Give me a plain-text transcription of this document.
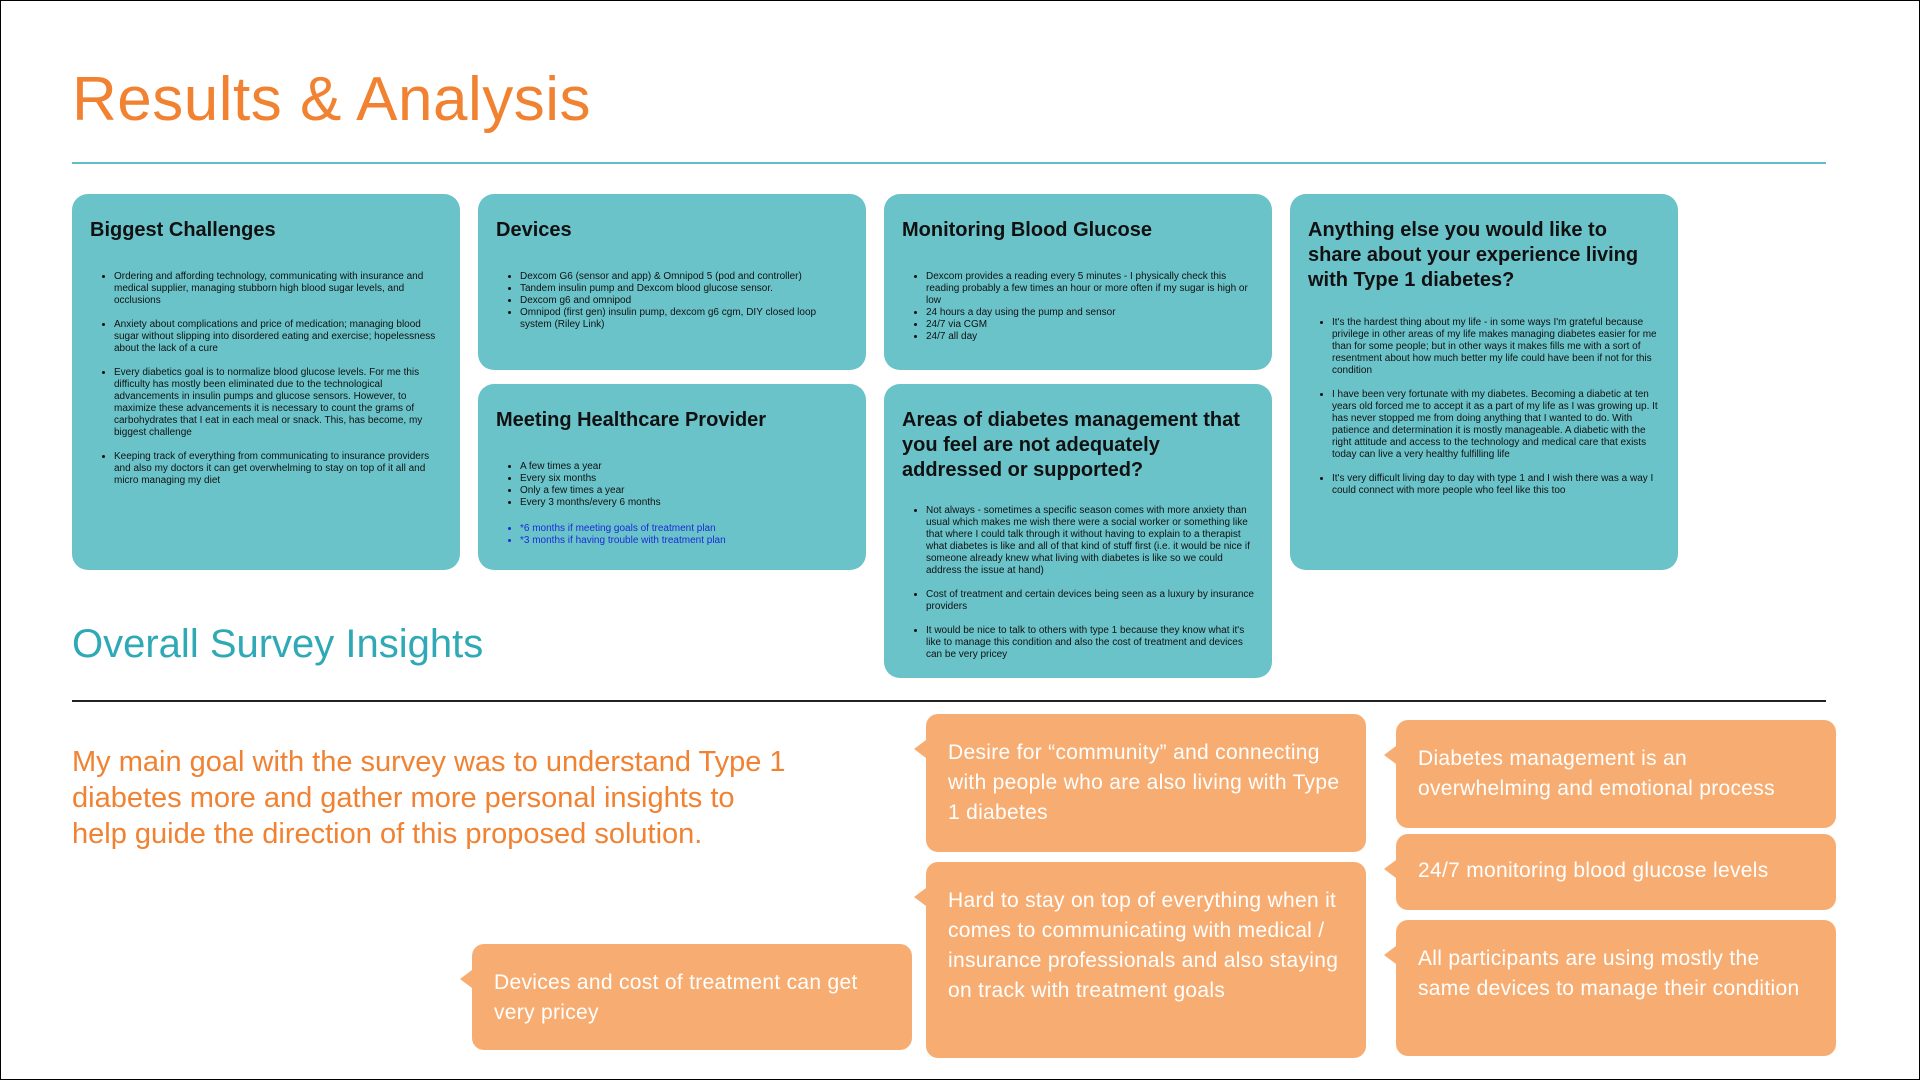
Results & Analysis
Biggest Challenges
• Ordering and affording technology, communicating with insurance and medical supplier, managing stubborn high blood sugar levels, and occlusions
• Anxiety about complications and price of medication; managing blood sugar without slipping into disordered eating and exercise; hopelessness about the lack of a cure
• Every diabetics goal is to normalize blood glucose levels. For me this difficulty has mostly been eliminated due to the technological advancements in insulin pumps and glucose sensors. However, to maximize these advancements it is necessary to count the grams of carbohydrates that I eat in each meal or snack. This, has become, my biggest challenge
• Keeping track of everything from communicating to insurance providers and also my doctors it can get overwhelming to stay on top of it all and micro managing my diet
Devices
• Dexcom G6 (sensor and app) & Omnipod 5 (pod and controller)
• Tandem insulin pump and Dexcom blood glucose sensor.
• Dexcom g6 and omnipod
• Omnipod (first gen) insulin pump, dexcom g6 cgm, DIY closed loop system (Riley Link)
Meeting Healthcare Provider
• A few times a year
• Every six months
• Only a few times a year
• Every 3 months/every 6 months
• *6 months if meeting goals of treatment plan
• *3 months if having trouble with treatment plan
Monitoring Blood Glucose
• Dexcom provides a reading every 5 minutes - I physically check this reading probably a few times an hour or more often if my sugar is high or low
• 24 hours a day using the pump and sensor
• 24/7 via CGM
• 24/7 all day
Areas of diabetes management that you feel are not adequately addressed or supported?
• Not always - sometimes a specific season comes with more anxiety than usual which makes me wish there were a social worker or something like that where I could talk through it without having to explain to a therapist what diabetes is like and all of that kind of stuff first (i.e. it would be nice if someone already knew what living with diabetes is like so we could address the issue at hand)
• Cost of treatment and certain devices being seen as a luxury by insurance providers
• It would be nice to talk to others with type 1 because they know what it's like to manage this condition and also the cost of treatment and devices can be very pricey
Anything else you would like to share about your experience living with Type 1 diabetes?
• It's the hardest thing about my life - in some ways I'm grateful because privilege in other areas of my life makes managing diabetes easier for me than for some people; but in other ways it makes fills me with a sort of resentment about how much better my life could have been if not for this condition
• I have been very fortunate with my diabetes. Becoming a diabetic at ten years old forced me to accept it as a part of my life as I was growing up. It has never stopped me from doing anything that I wanted to do. With patience and determination it is mostly manageable. A diabetic with the right attitude and access to the technology and medical care that exists today can live a very healthy fulfilling life
• It's very difficult living day to day with type 1 and I wish there was a way I could connect with more people who feel like this too
Overall Survey Insights

My main goal with the survey was to understand Type 1 diabetes more and gather more personal insights to help guide the direction of this proposed solution.

Desire for “community” and connecting with people who are also living with Type 1 diabetes
Diabetes management is an overwhelming and emotional process
24/7 monitoring blood glucose levels
Hard to stay on top of everything when it comes to communicating with medical / insurance professionals and also staying on track with treatment goals
All participants are using mostly the same devices to manage their condition
Devices and cost of treatment can get very pricey
